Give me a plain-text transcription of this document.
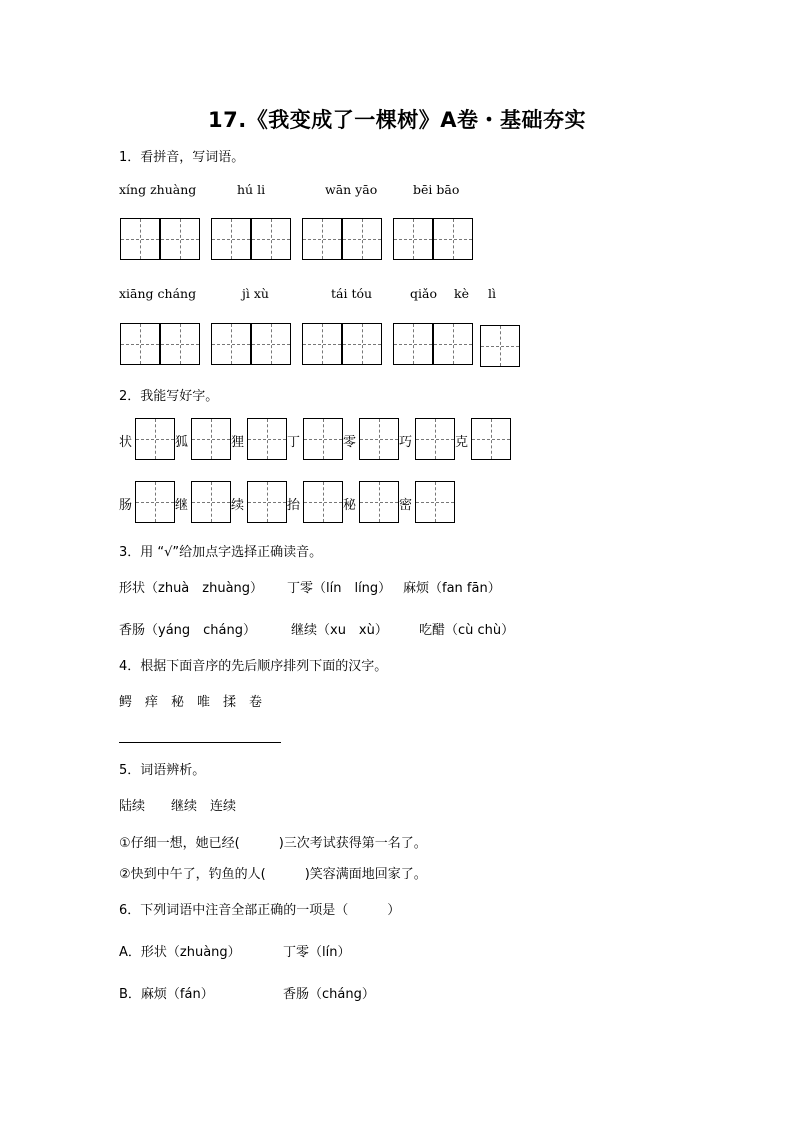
17.《我变成了一棵树》A卷・基础夯实
1．看拼音，写词语。
xíng zhuàng	hú li	wān yāo	bēi bāo
xiāng cháng	jì xù	tái tóu	qiǎo kè lì
2．我能写好字。
状	狐	狸	丁	零	巧	克
肠	继	续	抬	秘	密
3．用 “√”给加点字选择正确读音。
形状（zhuà　zhuàng） 丁零（lín　líng） 麻烦（fan fān）
香肠（yáng　cháng）	继续（xu　xù） 吃醋（cù chù）
4．根据下面音序的先后顺序排列下面的汉字。
鳄　痒　秘　唯　揉　卷
5．词语辨析。
陆续　　继续　连续
①仔细一想，她已经(　　　)三次考试获得第一名了。
②快到中午了，钓鱼的人(　　　)笑容满面地回家了。
6．下列词语中注音全部正确的一项是（　　　）
A．形状（zhuàng）	丁零（lín）
B．麻烦（fán）	香肠（cháng）
